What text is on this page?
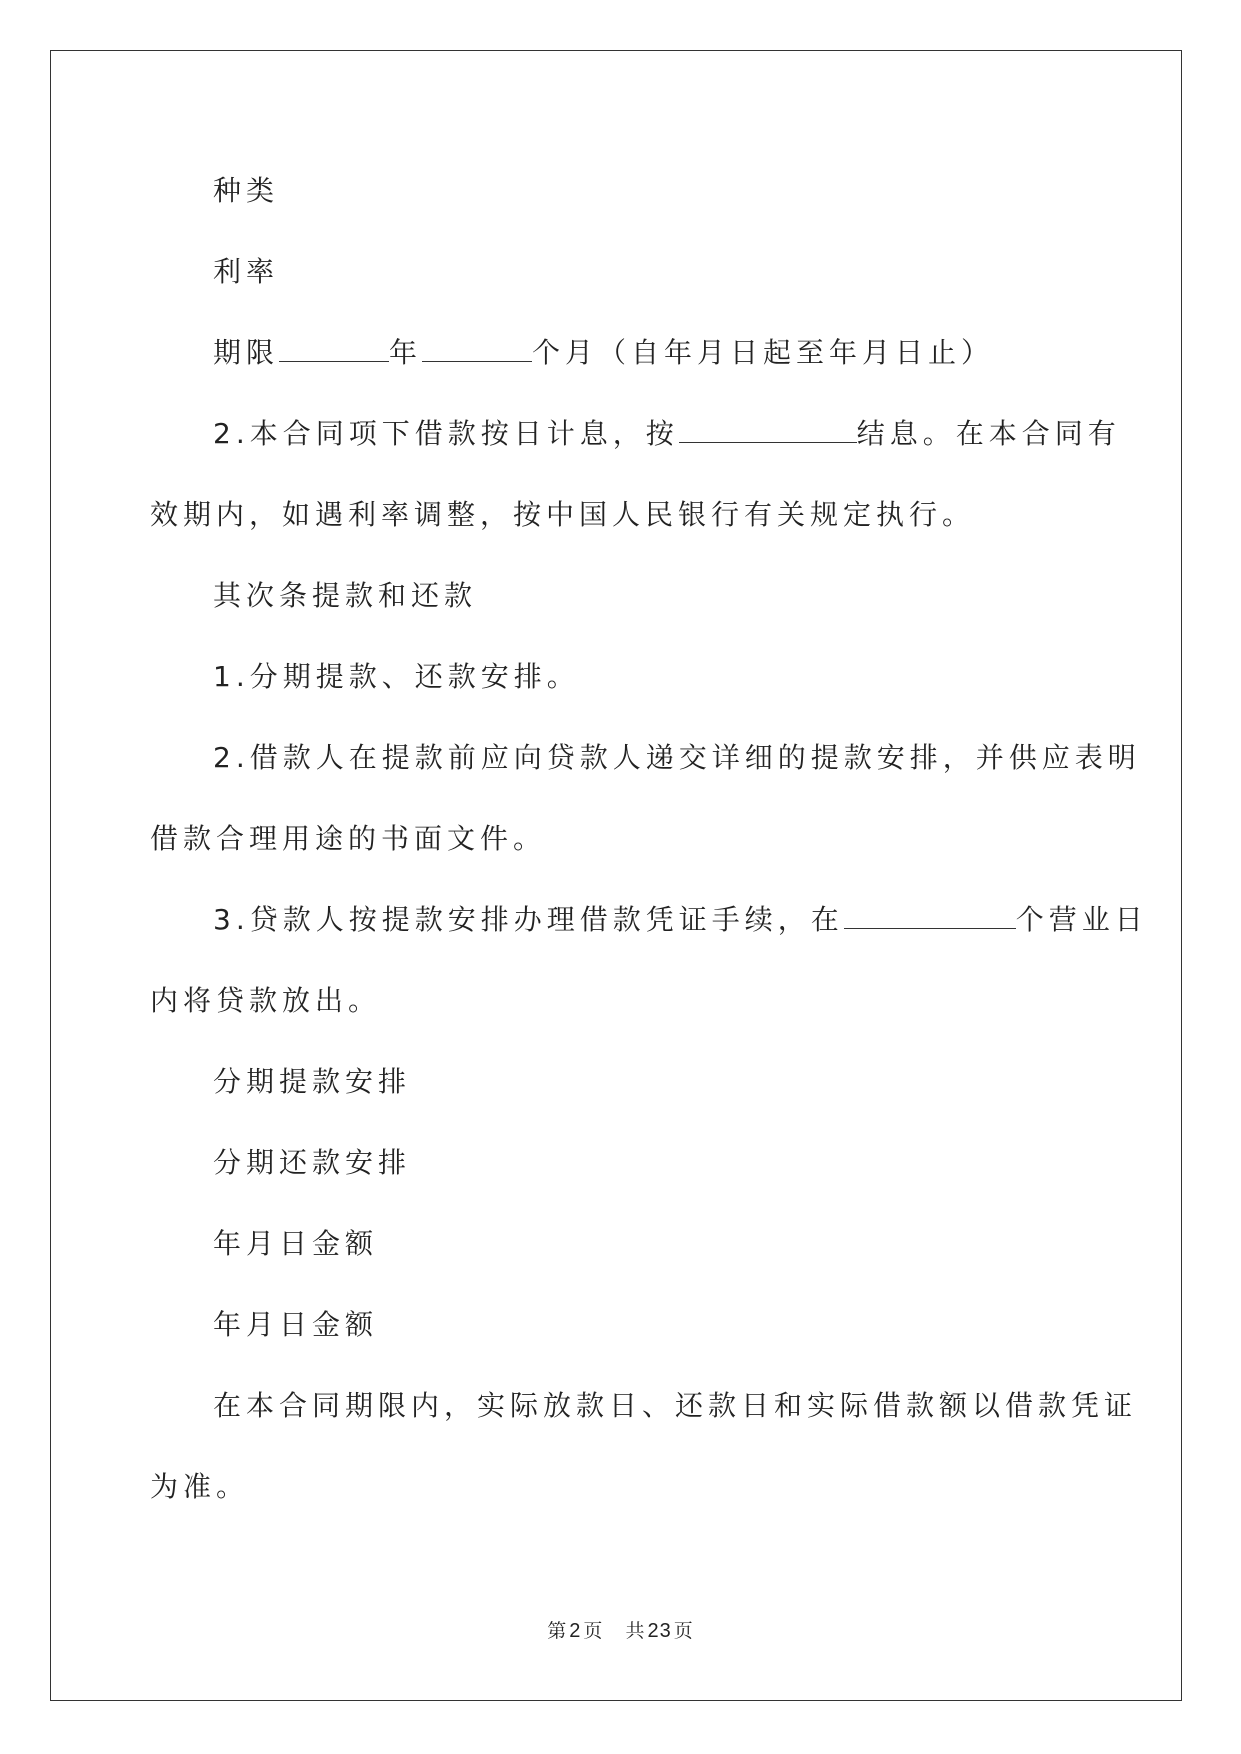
种类
利率
期限	年	个月（自年月日起至年月日止）
2.本合同项下借款按日计息，按	结息。在本合同有
效期内，如遇利率调整，按中国人民银行有关规定执行。
其次条提款和还款
1.分期提款、还款安排。
2.借款人在提款前应向贷款人递交详细的提款安排，并供应表明
借款合理用途的书面文件。
3.贷款人按提款安排办理借款凭证手续，在	个营业日
内将贷款放出。
分期提款安排
分期还款安排
年月日金额
年月日金额
在本合同期限内，实际放款日、还款日和实际借款额以借款凭证
为准。
第 2 页 共 23 页
